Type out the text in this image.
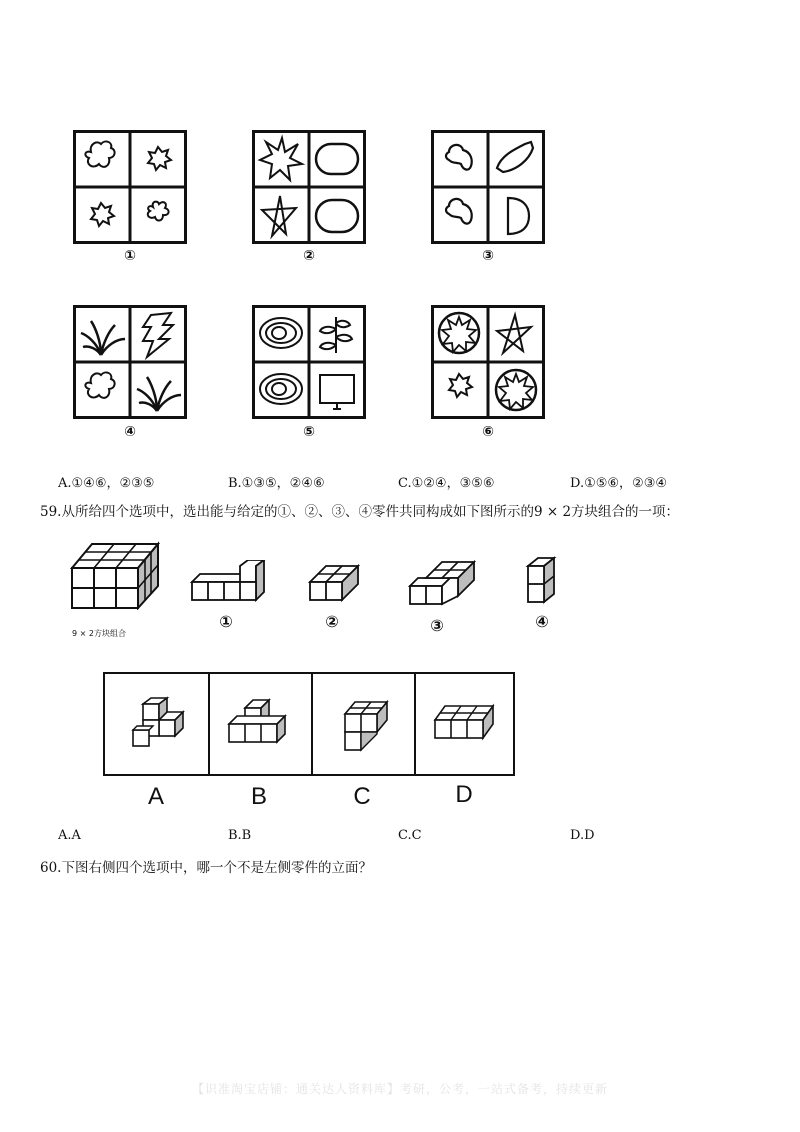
①	②	③
④	⑤	⑥
A.①④⑥，②③⑤	B.①③⑤，②④⑥	C.①②④，③⑤⑥	D.①⑤⑥，②③④
59.从所给四个选项中，选出能与给定的①、②、③、④零件共同构成如下图所示的9 × 2方块组合的一项：
9 × 2方块组合
①	②	③	④
A	B	C	D
A.A	B.B	C.C	D.D
60.下图右侧四个选项中，哪一个不是左侧零件的立面？
【识准淘宝店铺：通关达人资料库】考研，公考，一站式备考，持续更新
